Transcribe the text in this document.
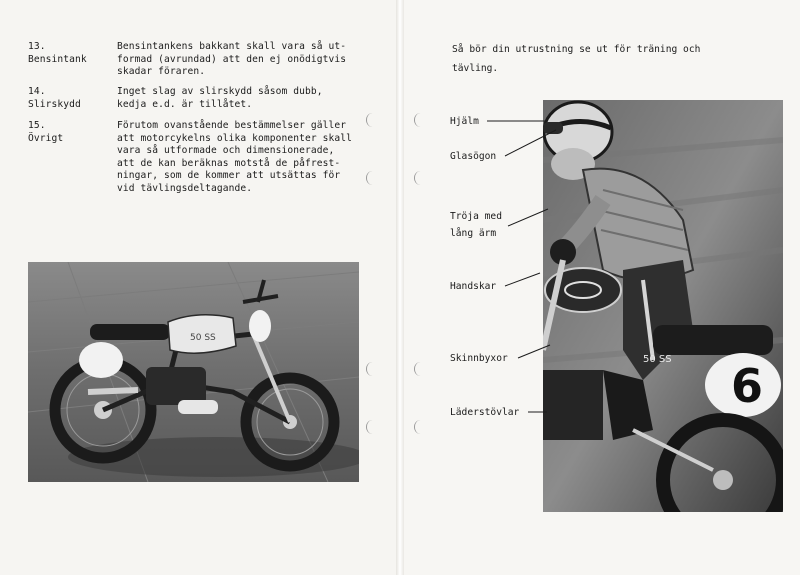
13.
Bensintank
Bensintankens bakkant skall vara så ut-
formad (avrundad) att den ej onödigtvis
skadar föraren.
14.
Slirskydd
Inget slag av slirskydd såsom dubb,
kedja e.d. är tillåtet.
15.
Övrigt
Förutom ovanstående bestämmelser gäller
att motorcykelns olika komponenter skall
vara så utformade och dimensionerade,
att de kan beräknas motstå de påfrest-
ningar, som de kommer att utsättas för
vid tävlingsdeltagande.
50 SS
Så bör din utrustning se ut för träning och
tävling.
50 SS 6
Hjälm
Glasögon
Tröja med
lång ärm
Handskar
Skinnbyxor
Läderstövlar
